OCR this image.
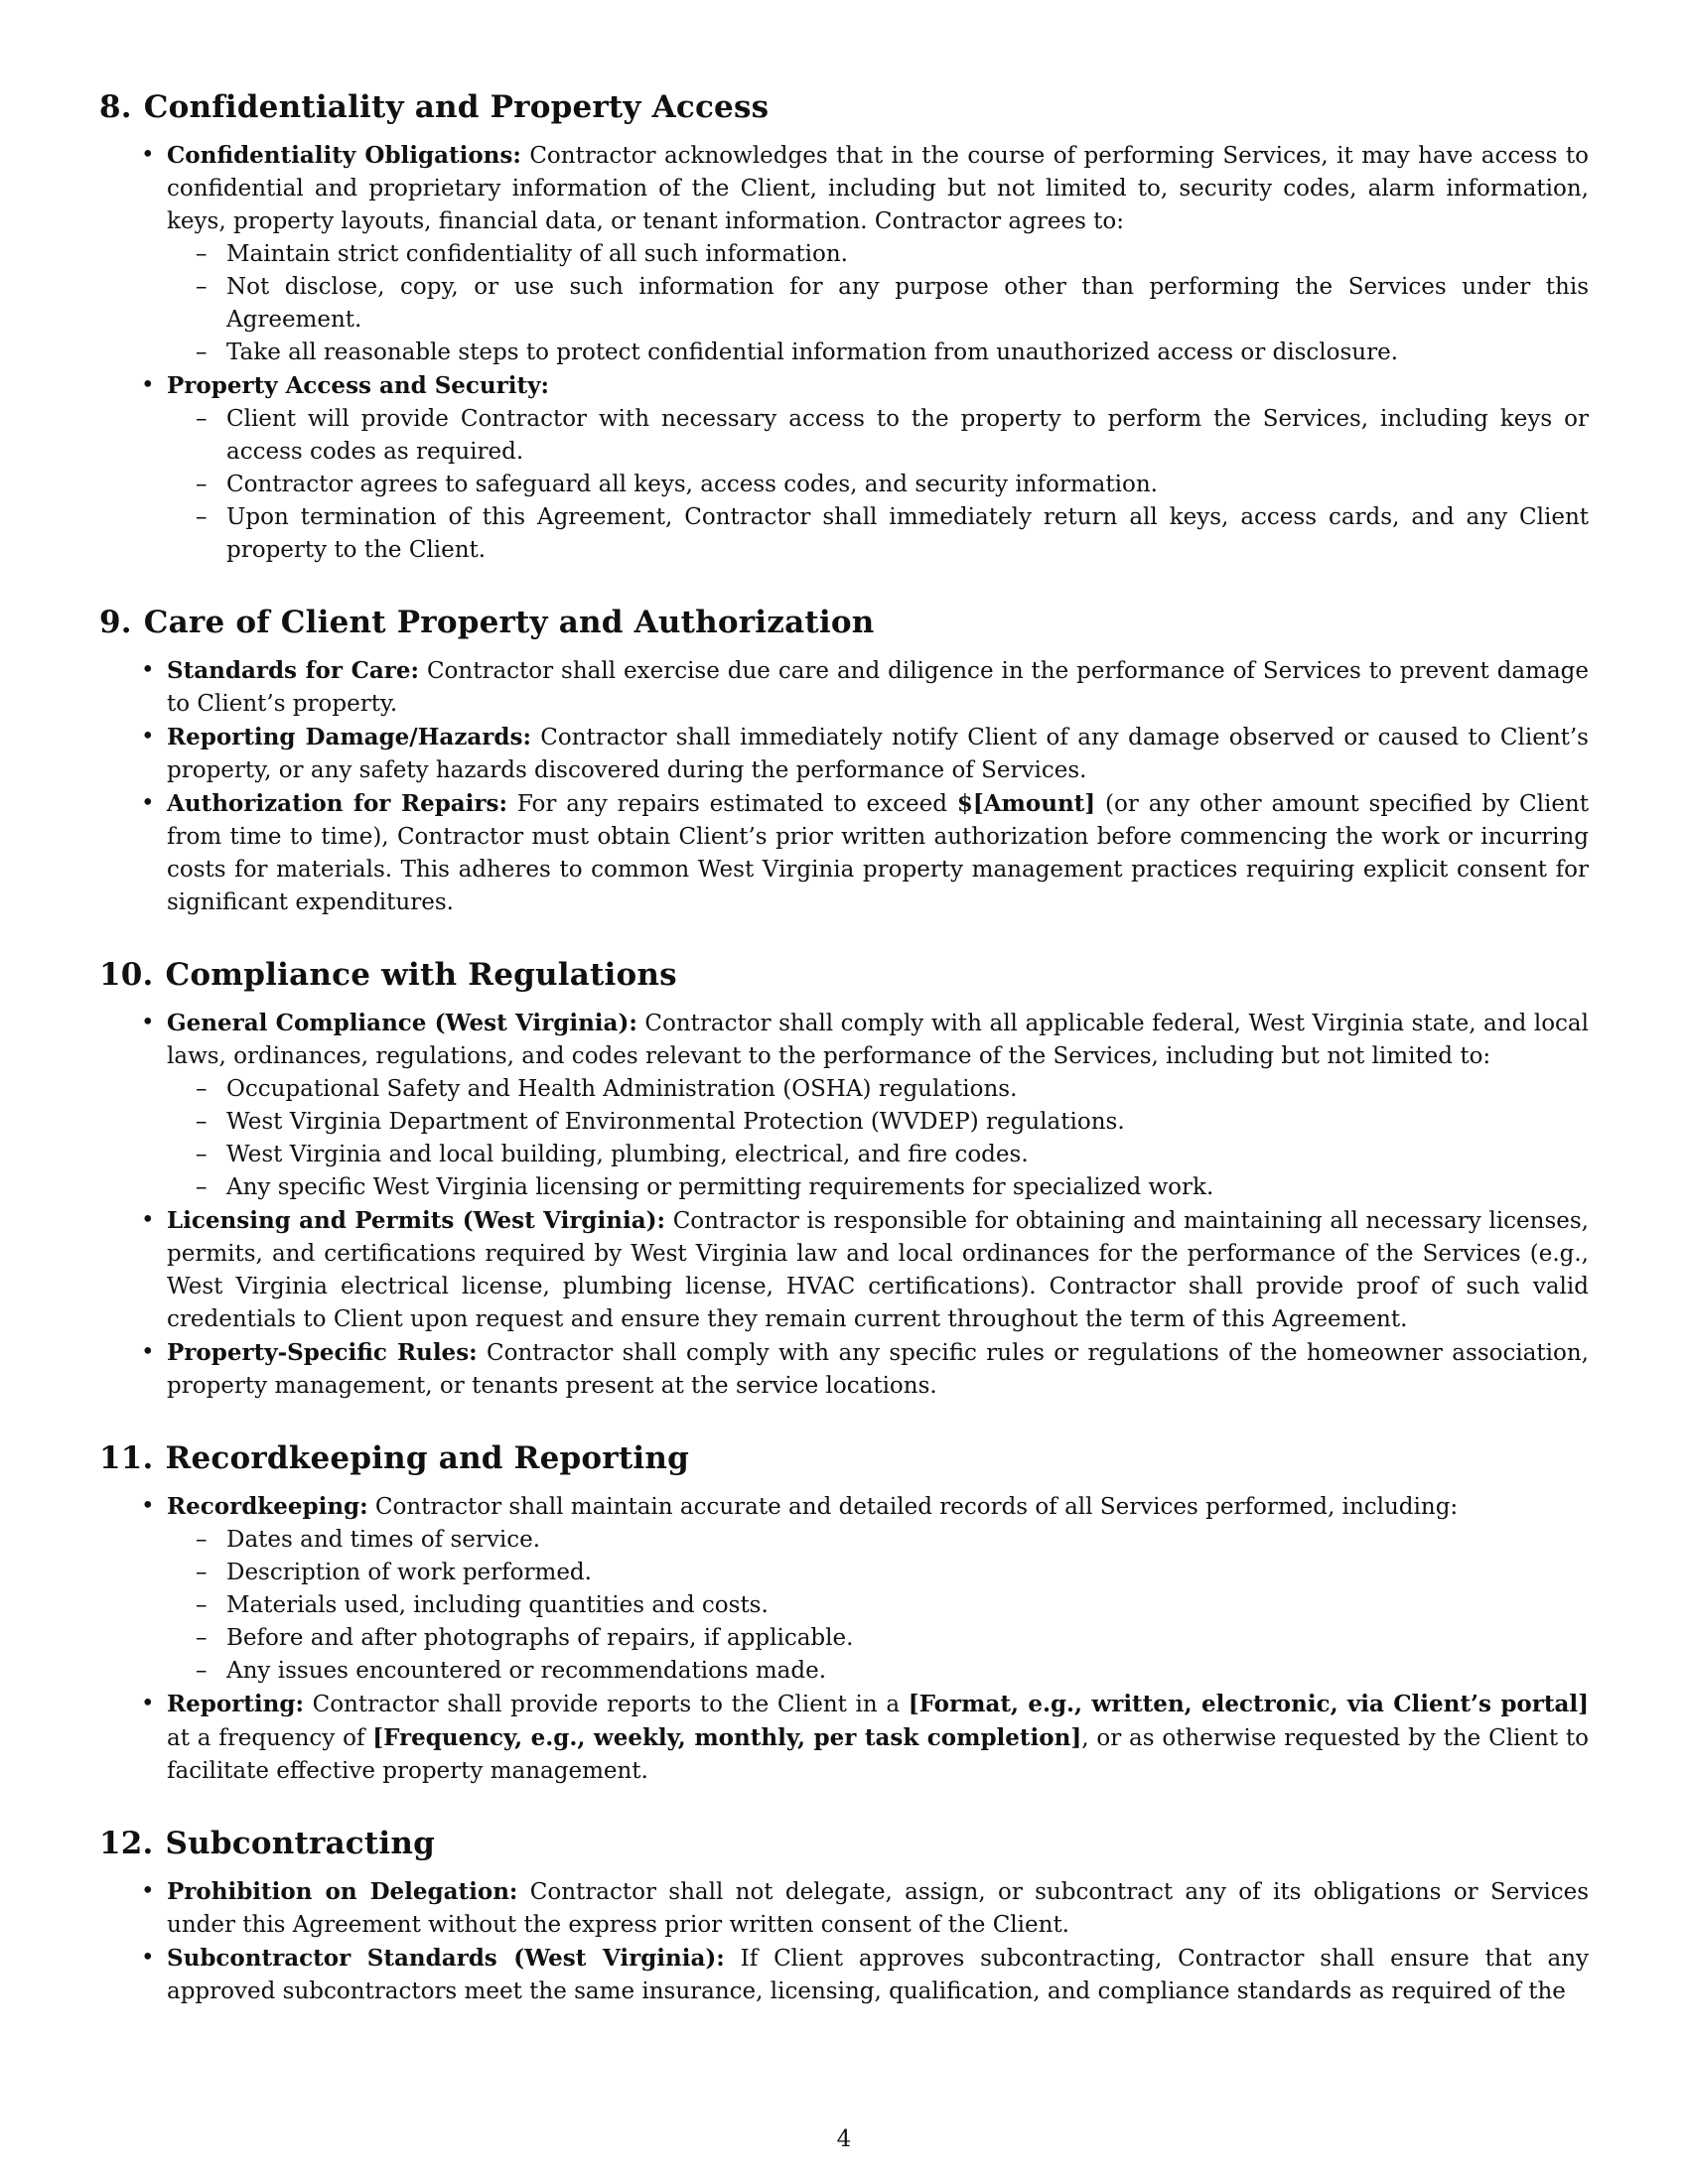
8. Confidentiality and Property Access
• Confidentiality Obligations: Contractor acknowledges that in the course of performing Services, it may have access to confidential and proprietary information of the Client, including but not limited to, security codes, alarm information, keys, property layouts, financial data, or tenant information. Contractor agrees to:
– Maintain strict confidentiality of all such information.
– Not disclose, copy, or use such information for any purpose other than performing the Services under this Agreement.
– Take all reasonable steps to protect confidential information from unauthorized access or disclosure.
• Property Access and Security:
– Client will provide Contractor with necessary access to the property to perform the Services, including keys or access codes as required.
– Contractor agrees to safeguard all keys, access codes, and security information.
– Upon termination of this Agreement, Contractor shall immediately return all keys, access cards, and any Client property to the Client.
9. Care of Client Property and Authorization
• Standards for Care: Contractor shall exercise due care and diligence in the performance of Services to prevent damage to Client’s property.
• Reporting Damage/Hazards: Contractor shall immediately notify Client of any damage observed or caused to Client’s property, or any safety hazards discovered during the performance of Services.
• Authorization for Repairs: For any repairs estimated to exceed $[Amount] (or any other amount specified by Client from time to time), Contractor must obtain Client’s prior written authorization before commencing the work or incurring costs for materials. This adheres to common West Virginia property management practices requiring explicit consent for significant expenditures.
10. Compliance with Regulations
• General Compliance (West Virginia): Contractor shall comply with all applicable federal, West Virginia state, and local laws, ordinances, regulations, and codes relevant to the performance of the Services, including but not limited to:
– Occupational Safety and Health Administration (OSHA) regulations.
– West Virginia Department of Environmental Protection (WVDEP) regulations.
– West Virginia and local building, plumbing, electrical, and fire codes.
– Any specific West Virginia licensing or permitting requirements for specialized work.
• Licensing and Permits (West Virginia): Contractor is responsible for obtaining and maintaining all necessary licenses, permits, and certifications required by West Virginia law and local ordinances for the performance of the Services (e.g., West Virginia electrical license, plumbing license, HVAC certifications). Contractor shall provide proof of such valid credentials to Client upon request and ensure they remain current throughout the term of this Agreement.
• Property-Specific Rules: Contractor shall comply with any specific rules or regulations of the homeowner association, property management, or tenants present at the service locations.
11. Recordkeeping and Reporting
• Recordkeeping: Contractor shall maintain accurate and detailed records of all Services performed, including:
– Dates and times of service.
– Description of work performed.
– Materials used, including quantities and costs.
– Before and after photographs of repairs, if applicable.
– Any issues encountered or recommendations made.
• Reporting: Contractor shall provide reports to the Client in a [Format, e.g., written, electronic, via Client’s portal] at a frequency of [Frequency, e.g., weekly, monthly, per task completion], or as otherwise requested by the Client to facilitate effective property management.
12. Subcontracting
• Prohibition on Delegation: Contractor shall not delegate, assign, or subcontract any of its obligations or Services under this Agreement without the express prior written consent of the Client.
• Subcontractor Standards (West Virginia): If Client approves subcontracting, Contractor shall ensure that any approved subcontractors meet the same insurance, licensing, qualification, and compliance standards as required of the
4
